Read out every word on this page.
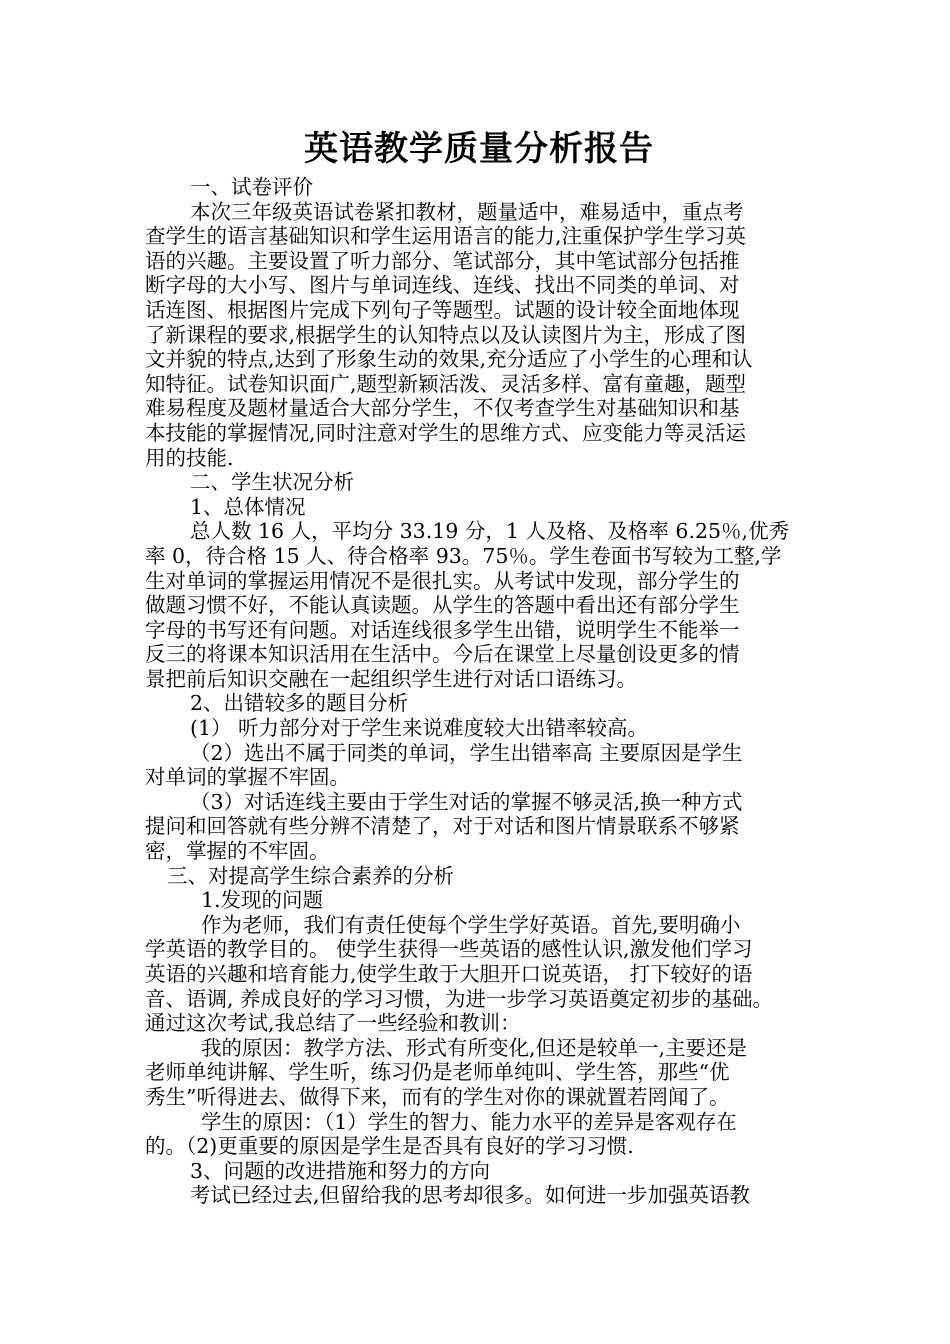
英语教学质量分析报告

一、试卷评价

本次三年级英语试卷紧扣教材，题量适中，难易适中，重点考

查学生的语言基础知识和学生运用语言的能力,注重保护学生学习英

语的兴趣。主要设置了听力部分、笔试部分，其中笔试部分包括推

断字母的大小写、图片与单词连线、连线、找出不同类的单词、对

话连图、根据图片完成下列句子等题型。试题的设计较全面地体现

了新课程的要求,根据学生的认知特点以及认读图片为主，形成了图

文并貌的特点,达到了形象生动的效果,充分适应了小学生的心理和认

知特征。试卷知识面广,题型新颖活泼、灵活多样、富有童趣，题型

难易程度及题材量适合大部分学生，不仅考查学生对基础知识和基

本技能的掌握情况,同时注意对学生的思维方式、应变能力等灵活运

用的技能.

二、学生状况分析

1、总体情况

总人数 16 人，平均分 33.19 分，1 人及格、及格率 6.25％,优秀

率 0，待合格 15 人、待合格率 93。75％。学生卷面书写较为工整,学

生对单词的掌握运用情况不是很扎实。从考试中发现，部分学生的

做题习惯不好，不能认真读题。从学生的答题中看出还有部分学生

字母的书写还有问题。对话连线很多学生出错，说明学生不能举一

反三的将课本知识活用在生活中。今后在课堂上尽量创设更多的情

景把前后知识交融在一起组织学生进行对话口语练习。

2、出错较多的题目分析

(1） 听力部分对于学生来说难度较大出错率较高。

（2）选出不属于同类的单词，学生出错率高 主要原因是学生

对单词的掌握不牢固。

（3）对话连线主要由于学生对话的掌握不够灵活,换一种方式

提问和回答就有些分辨不清楚了，对于对话和图片情景联系不够紧

密，掌握的不牢固。

三、对提高学生综合素养的分析

1.发现的问题

作为老师，我们有责任使每个学生学好英语。首先,要明确小

学英语的教学目的。 使学生获得一些英语的感性认识,激发他们学习

英语的兴趣和培育能力,使学生敢于大胆开口说英语， 打下较好的语

音、语调, 养成良好的学习习惯，为进一步学习英语奠定初步的基础。

通过这次考试,我总结了一些经验和教训：

我的原因：教学方法、形式有所变化,但还是较单一,主要还是

老师单纯讲解、学生听，练习仍是老师单纯叫、学生答，那些“优

秀生”听得进去、做得下来，而有的学生对你的课就置若罔闻了。

学生的原因：（1）学生的智力、能力水平的差异是客观存在

的。（2)更重要的原因是学生是否具有良好的学习习惯.

3、问题的改进措施和努力的方向

考试已经过去,但留给我的思考却很多。如何进一步加强英语教
